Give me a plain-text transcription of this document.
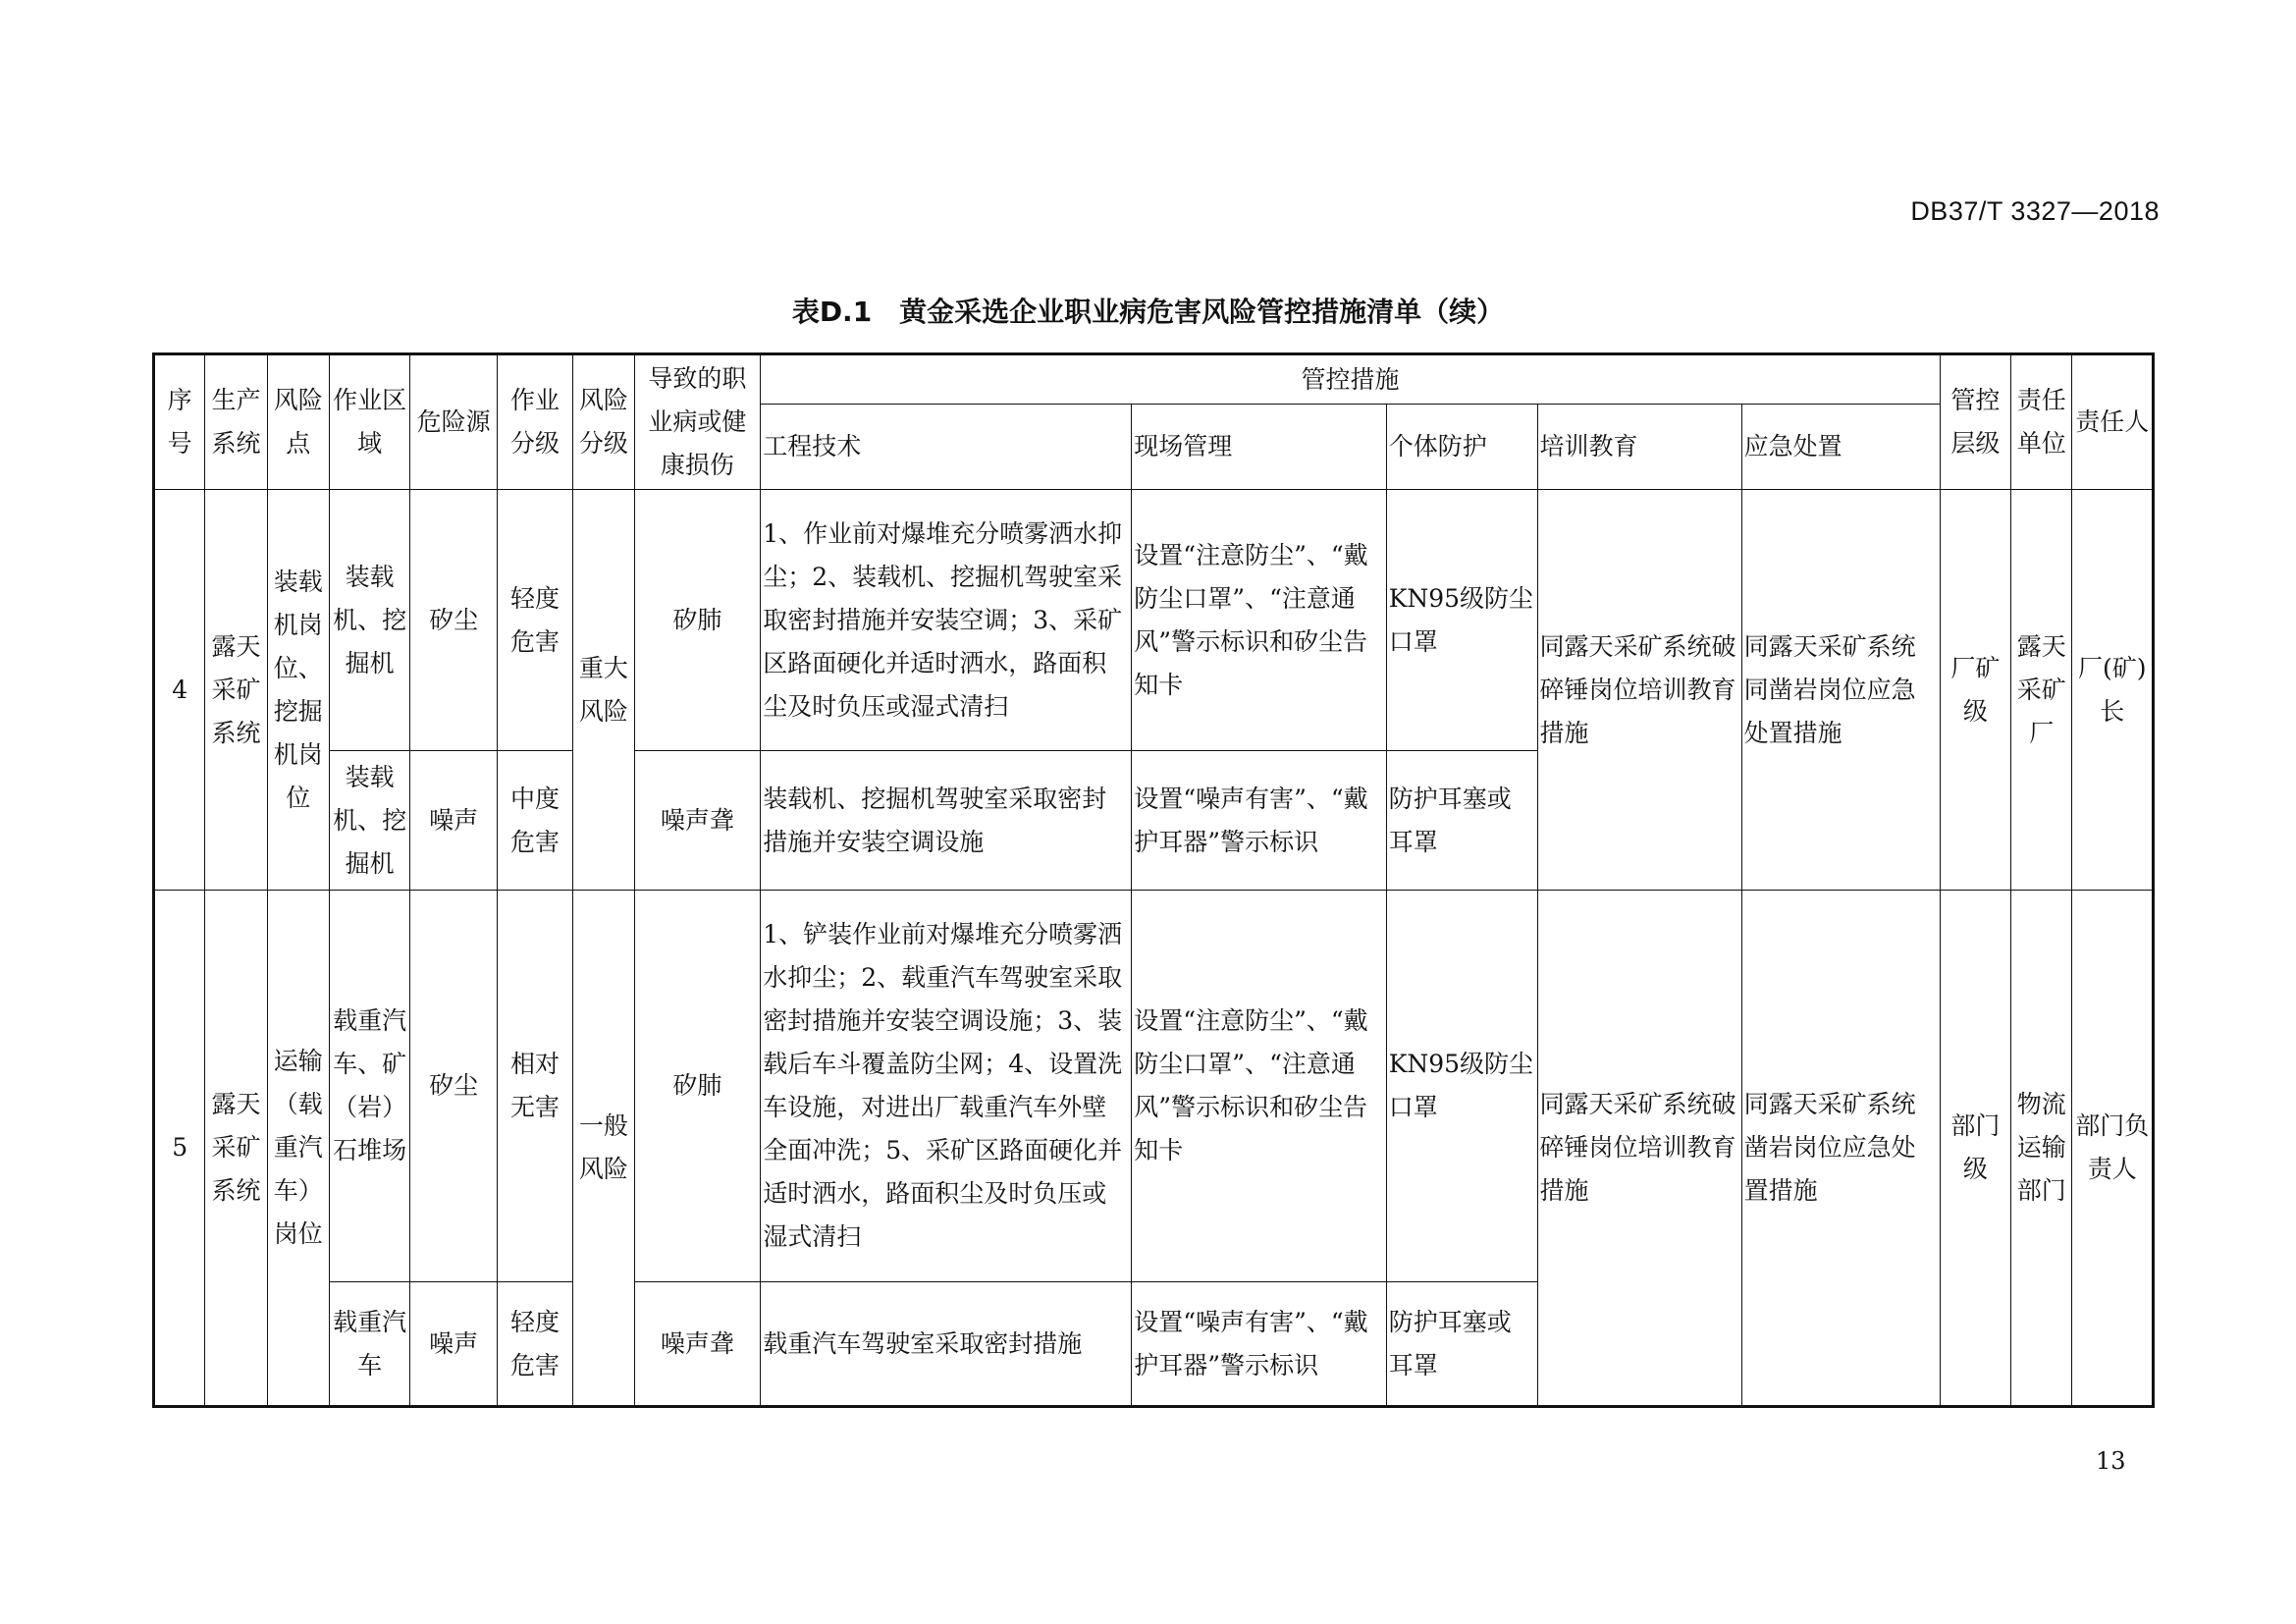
DB37/T 3327—2018
表D.1　黄金采选企业职业病危害风险管控措施清单（续）
序号	生产系统	风险点	作业区域	危险源	作业分级	风险分级	导致的职业病或健康损伤	管控措施					管控层级	责任单位	责任人
								工程技术	现场管理	个体防护	培训教育	应急处置			
4	露天采矿系统	装载机岗位、挖掘机岗位	装载机、挖掘机	矽尘	轻度危害	重大风险	矽肺	1、作业前对爆堆充分喷雾洒水抑尘；2、装载机、挖掘机驾驶室采取密封措施并安装空调；3、采矿区路面硬化并适时洒水，路面积尘及时负压或湿式清扫	设置“注意防尘”、“戴防尘口罩”、“注意通风”警示标识和矽尘告知卡	KN95级防尘口罩	同露天采矿系统破碎锤岗位培训教育措施	同露天采矿系统同凿岩岗位应急处置措施	厂矿级	露天采矿厂	厂(矿)长
			装载机、挖掘机	噪声	中度危害		噪声聋	装载机、挖掘机驾驶室采取密封措施并安装空调设施	设置“噪声有害”、“戴护耳器”警示标识	防护耳塞或耳罩					
5	露天采矿系统	运输（载重汽车）岗位	载重汽车、矿（岩）石堆场	矽尘	相对无害	一般风险	矽肺	1、铲装作业前对爆堆充分喷雾洒水抑尘；2、载重汽车驾驶室采取密封措施并安装空调设施；3、装载后车斗覆盖防尘网；4、设置洗车设施，对进出厂载重汽车外壁全面冲洗；5、采矿区路面硬化并适时洒水，路面积尘及时负压或湿式清扫	设置“注意防尘”、“戴防尘口罩”、“注意通风”警示标识和矽尘告知卡	KN95级防尘口罩	同露天采矿系统破碎锤岗位培训教育措施	同露天采矿系统凿岩岗位应急处置措施	部门级	物流运输部门	部门负责人
			载重汽车	噪声	轻度危害		噪声聋	载重汽车驾驶室采取密封措施	设置“噪声有害”、“戴护耳器”警示标识	防护耳塞或耳罩					
13
